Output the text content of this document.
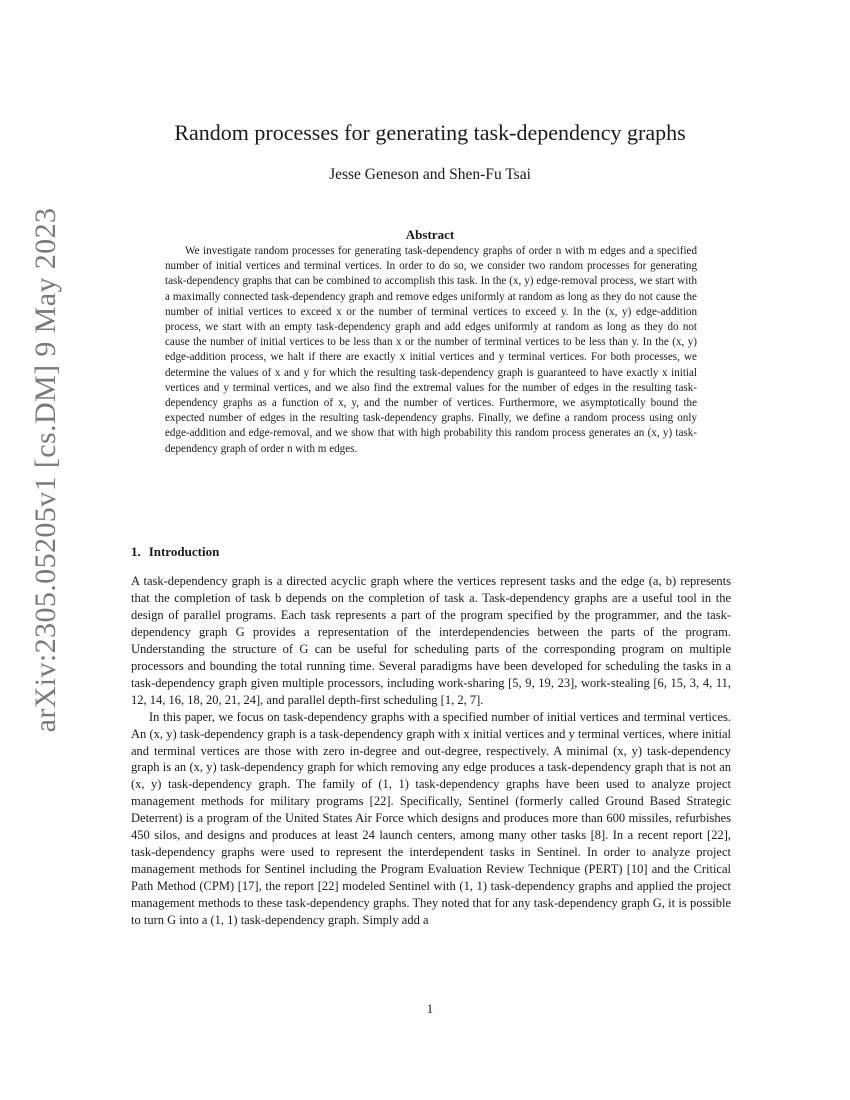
arXiv:2305.05205v1 [cs.DM] 9 May 2023
Random processes for generating task-dependency graphs
Jesse Geneson and Shen-Fu Tsai
Abstract

We investigate random processes for generating task-dependency graphs of order n with m edges and a specified number of initial vertices and terminal vertices. In order to do so, we consider two random processes for generating task-dependency graphs that can be combined to accomplish this task. In the (x, y) edge-removal process, we start with a maximally connected task-dependency graph and remove edges uniformly at random as long as they do not cause the number of initial vertices to exceed x or the number of terminal vertices to exceed y. In the (x, y) edge-addition process, we start with an empty task-dependency graph and add edges uniformly at random as long as they do not cause the number of initial vertices to be less than x or the number of terminal vertices to be less than y. In the (x, y) edge-addition process, we halt if there are exactly x initial vertices and y terminal vertices. For both processes, we determine the values of x and y for which the resulting task-dependency graph is guaranteed to have exactly x initial vertices and y terminal vertices, and we also find the extremal values for the number of edges in the resulting task-dependency graphs as a function of x, y, and the number of vertices. Furthermore, we asymptotically bound the expected number of edges in the resulting task-dependency graphs. Finally, we define a random process using only edge-addition and edge-removal, and we show that with high probability this random process generates an (x, y) task-dependency graph of order n with m edges.

1. Introduction

A task-dependency graph is a directed acyclic graph where the vertices represent tasks and the edge (a, b) represents that the completion of task b depends on the completion of task a. Task-dependency graphs are a useful tool in the design of parallel programs. Each task represents a part of the program specified by the programmer, and the task-dependency graph G provides a representation of the interdependencies between the parts of the program. Understanding the structure of G can be useful for scheduling parts of the corresponding program on multiple processors and bounding the total running time. Several paradigms have been developed for scheduling the tasks in a task-dependency graph given multiple processors, including work-sharing [5, 9, 19, 23], work-stealing [6, 15, 3, 4, 11, 12, 14, 16, 18, 20, 21, 24], and parallel depth-first scheduling [1, 2, 7].

In this paper, we focus on task-dependency graphs with a specified number of initial vertices and terminal vertices. An (x, y) task-dependency graph is a task-dependency graph with x initial vertices and y terminal vertices, where initial and terminal vertices are those with zero in-degree and out-degree, respectively. A minimal (x, y) task-dependency graph is an (x, y) task-dependency graph for which removing any edge produces a task-dependency graph that is not an (x, y) task-dependency graph. The family of (1, 1) task-dependency graphs have been used to analyze project management methods for military programs [22]. Specifically, Sentinel (formerly called Ground Based Strategic Deterrent) is a program of the United States Air Force which designs and produces more than 600 missiles, refurbishes 450 silos, and designs and produces at least 24 launch centers, among many other tasks [8]. In a recent report [22], task-dependency graphs were used to represent the interdependent tasks in Sentinel. In order to analyze project management methods for Sentinel including the Program Evaluation Review Technique (PERT) [10] and the Critical Path Method (CPM) [17], the report [22] modeled Sentinel with (1, 1) task-dependency graphs and applied the project management methods to these task-dependency graphs. They noted that for any task-dependency graph G, it is possible to turn G into a (1, 1) task-dependency graph. Simply add a

1
